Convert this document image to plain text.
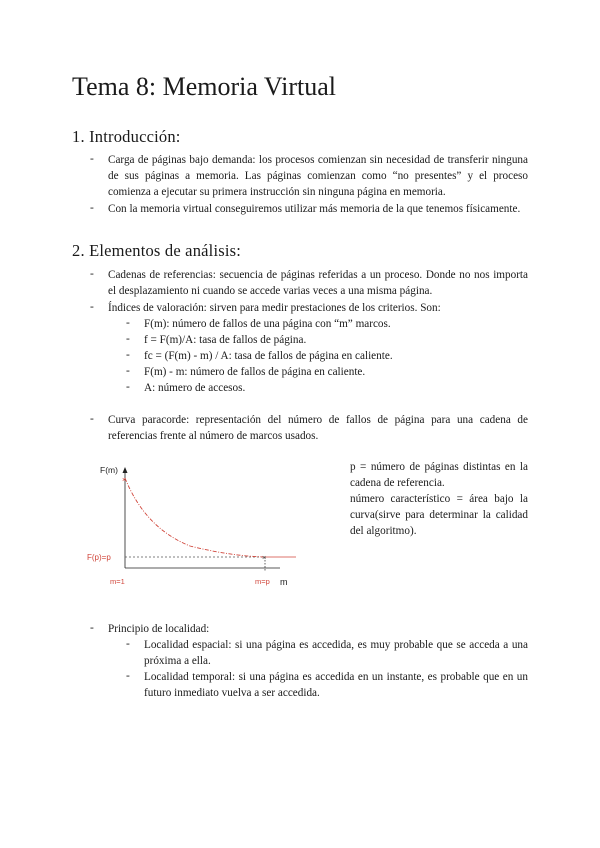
Tema 8: Memoria Virtual
1. Introducción:
- Carga de páginas bajo demanda: los procesos comienzan sin necesidad de transferir ninguna de sus páginas a memoria. Las páginas comienzan como “no presentes” y el proceso comienza a ejecutar su primera instrucción sin ninguna página en memoria.
- Con la memoria virtual conseguiremos utilizar más memoria de la que tenemos físicamente.
2. Elementos de análisis:
- Cadenas de referencias: secuencia de páginas referidas a un proceso. Donde no nos importa el desplazamiento ni cuando se accede varias veces a una misma página.
- Índices de valoración: sirven para medir prestaciones de los criterios. Son:
- F(m): número de fallos de una página con “m” marcos.
- f = F(m)/A: tasa de fallos de página.
- fc = (F(m) - m) / A: tasa de fallos de página en caliente.
- F(m) - m: número de fallos de página en caliente.
- A: número de accesos.
- Curva paracorde: representación del número de fallos de página para una cadena de referencias frente al número de marcos usados.
×
×
F(m)
F(p)=p
m=1	m=p m
p = número de páginas distintas en la cadena de referencia.
número característico = área bajo la curva(sirve para determinar la calidad del algoritmo).
- Principio de localidad:
- Localidad espacial: si una página es accedida, es muy probable que se acceda a una próxima a ella.
- Localidad temporal: si una página es accedida en un instante, es probable que en un futuro inmediato vuelva a ser accedida.
